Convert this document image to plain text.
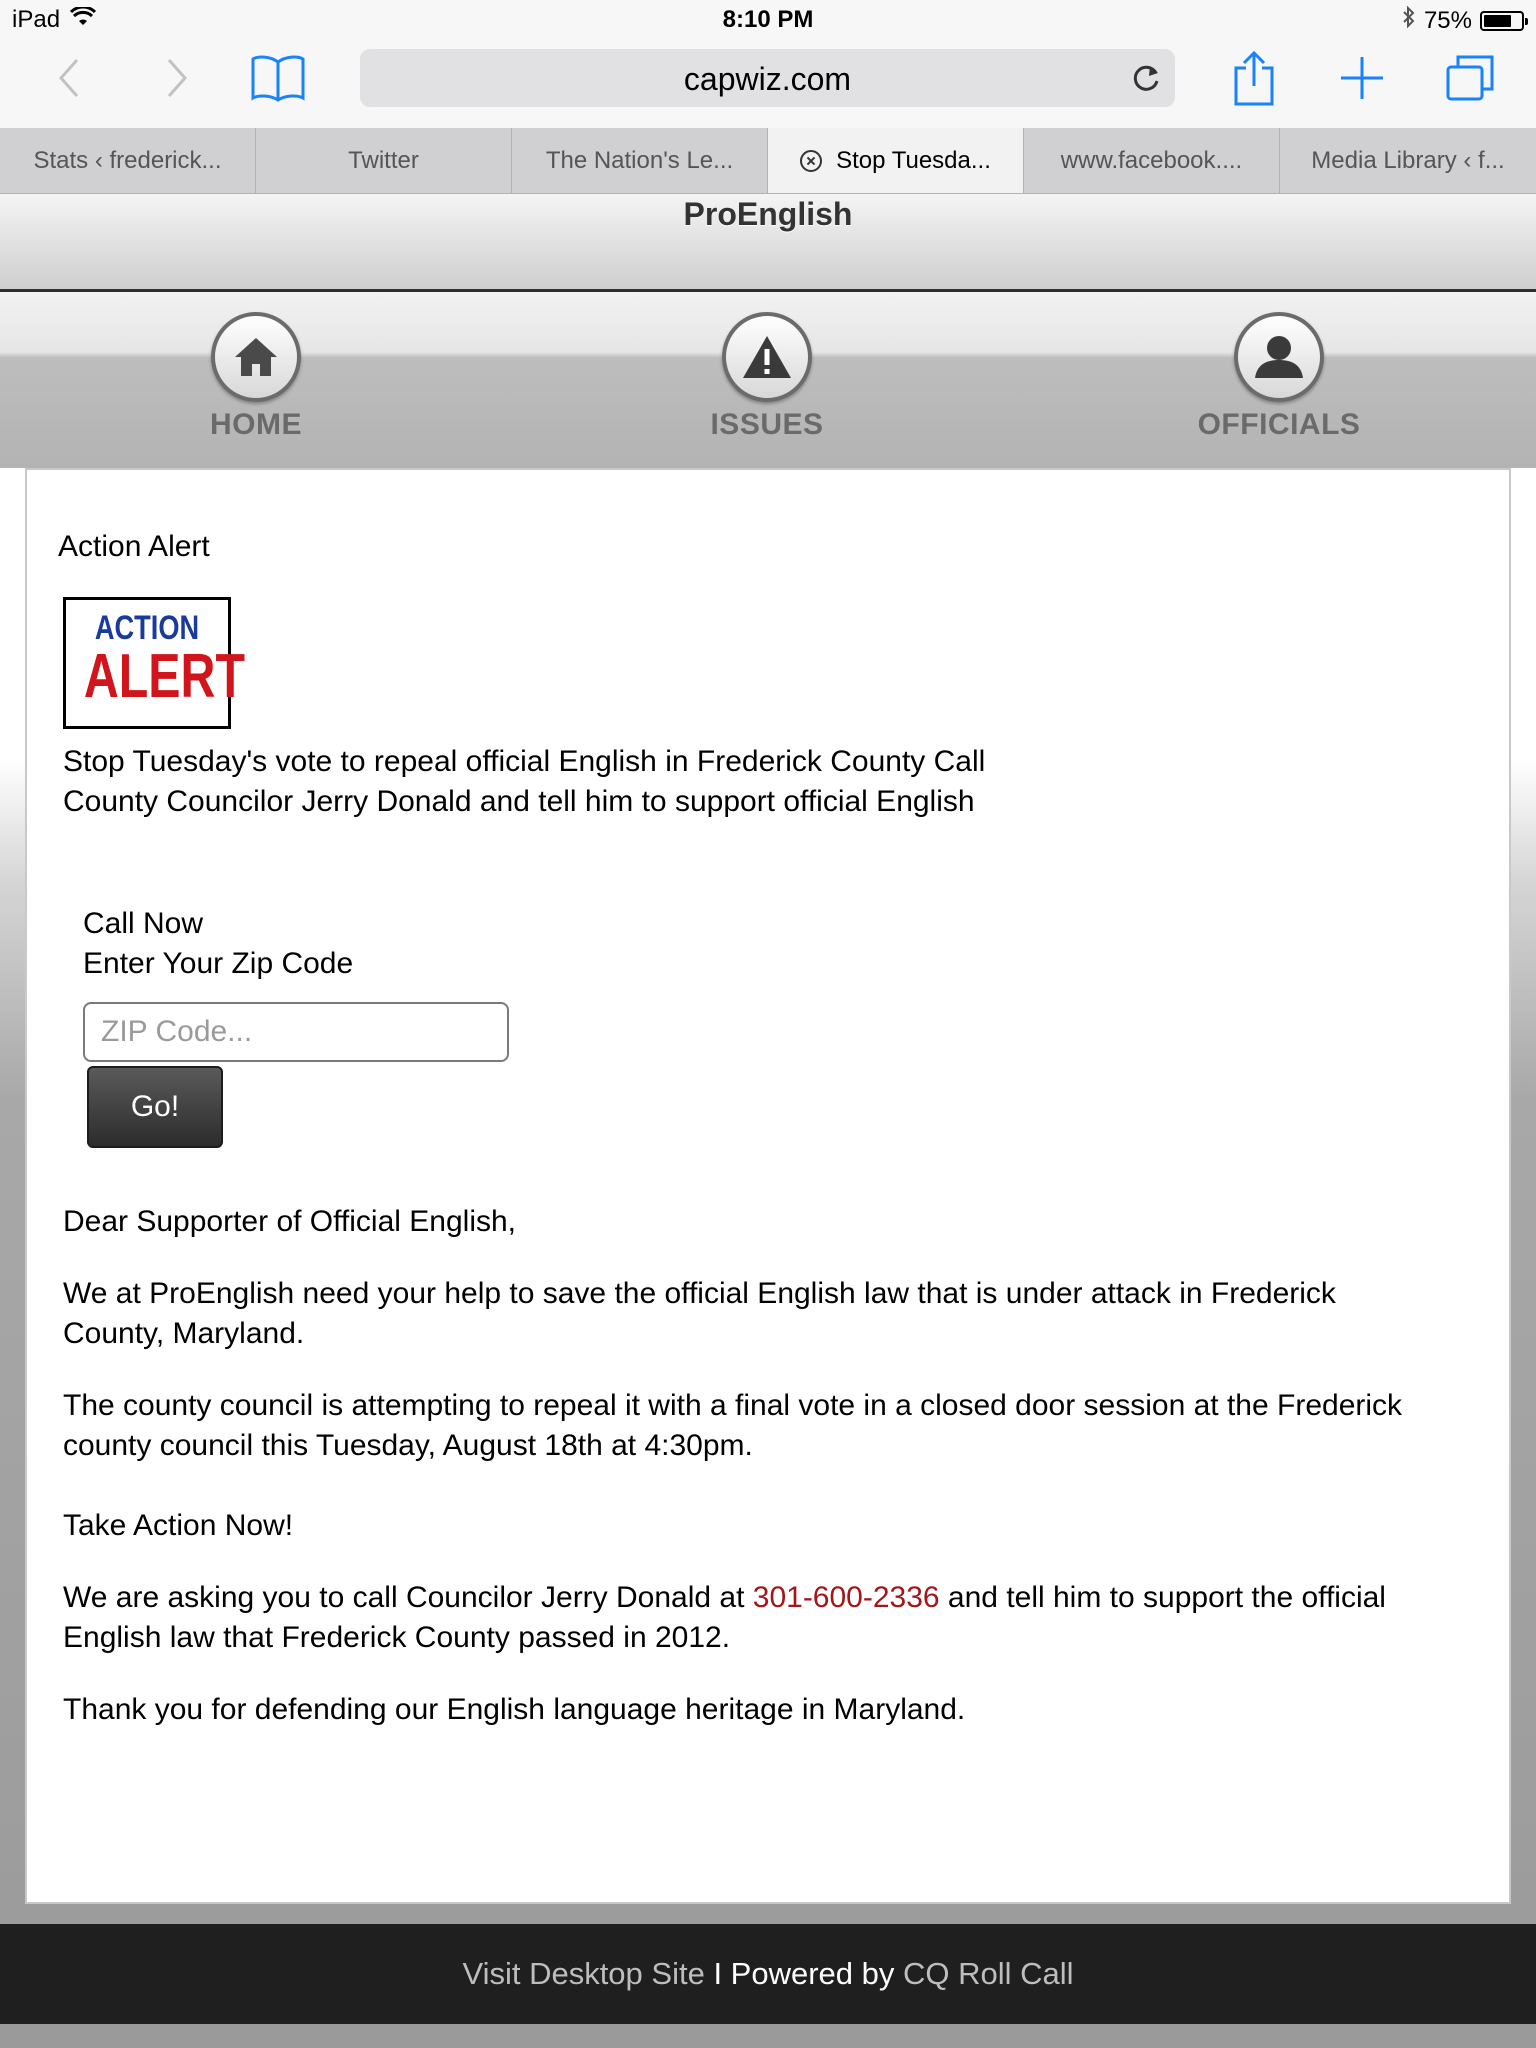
iPad	8:10 PM	75%
capwiz.com
Stats ‹ frederick...	Twitter	The Nation's Le...	Stop Tuesda...	www.facebook....	Media Library ‹ f...
ProEnglish
HOME	ISSUES	OFFICIALS
Action Alert
ACTION
ALERT
Stop Tuesday's vote to repeal official English in Frederick County Call County Councilor Jerry Donald and tell him to support official English
Call Now
Enter Your Zip Code
ZIP Code...
Go!

Dear Supporter of Official English,

We at ProEnglish need your help to save the official English law that is under attack in Frederick County, Maryland.

The county council is attempting to repeal it with a final vote in a closed door session at the Frederick county council this Tuesday, August 18th at 4:30pm.

Take Action Now!

We are asking you to call Councilor Jerry Donald at 301-600-2336 and tell him to support the official English law that Frederick County passed in 2012.

Thank you for defending our English language heritage in Maryland.

Visit Desktop Site I Powered by CQ Roll Call
